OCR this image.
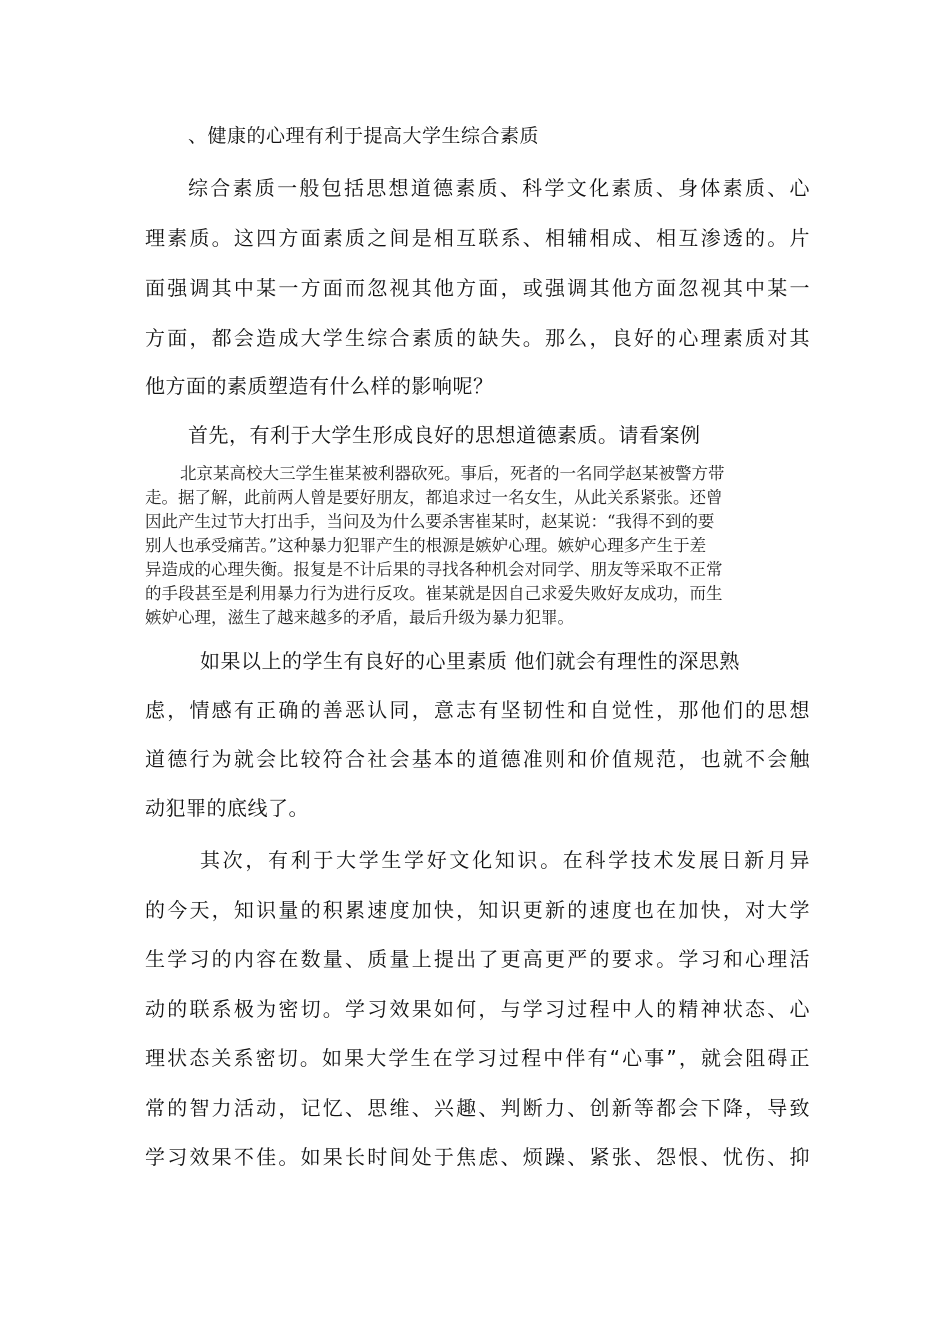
、健康的心理有利于提高大学生综合素质
综合素质一般包括思想道德素质、科学文化素质、身体素质、心
理素质。这四方面素质之间是相互联系、相辅相成、相互渗透的。片
面强调其中某一方面而忽视其他方面，或强调其他方面忽视其中某一
方面，都会造成大学生综合素质的缺失。那么，良好的心理素质对其
他方面的素质塑造有什么样的影响呢？
首先，有利于大学生形成良好的思想道德素质。请看案例
北京某高校大三学生崔某被利器砍死。事后，死者的一名同学赵某被警方带
走。据了解，此前两人曾是要好朋友，都追求过一名女生，从此关系紧张。还曾
因此产生过节大打出手，当问及为什么要杀害崔某时，赵某说：“我得不到的要
别人也承受痛苦。”这种暴力犯罪产生的根源是嫉妒心理。嫉妒心理多产生于差
异造成的心理失衡。报复是不计后果的寻找各种机会对同学、朋友等采取不正常
的手段甚至是利用暴力行为进行反攻。崔某就是因自己求爱失败好友成功，而生
嫉妒心理，滋生了越来越多的矛盾，最后升级为暴力犯罪。
如果以上的学生有良好的心里素质 他们就会有理性的深思熟
虑，情感有正确的善恶认同，意志有坚韧性和自觉性，那他们的思想
道德行为就会比较符合社会基本的道德准则和价值规范，也就不会触
动犯罪的底线了。
其次，有利于大学生学好文化知识。在科学技术发展日新月异
的今天，知识量的积累速度加快，知识更新的速度也在加快，对大学
生学习的内容在数量、质量上提出了更高更严的要求。学习和心理活
动的联系极为密切。学习效果如何，与学习过程中人的精神状态、心
理状态关系密切。如果大学生在学习过程中伴有“心事”，就会阻碍正
常的智力活动，记忆、思维、兴趣、判断力、创新等都会下降，导致
学习效果不佳。如果长时间处于焦虑、烦躁、紧张、怨恨、忧伤、抑
